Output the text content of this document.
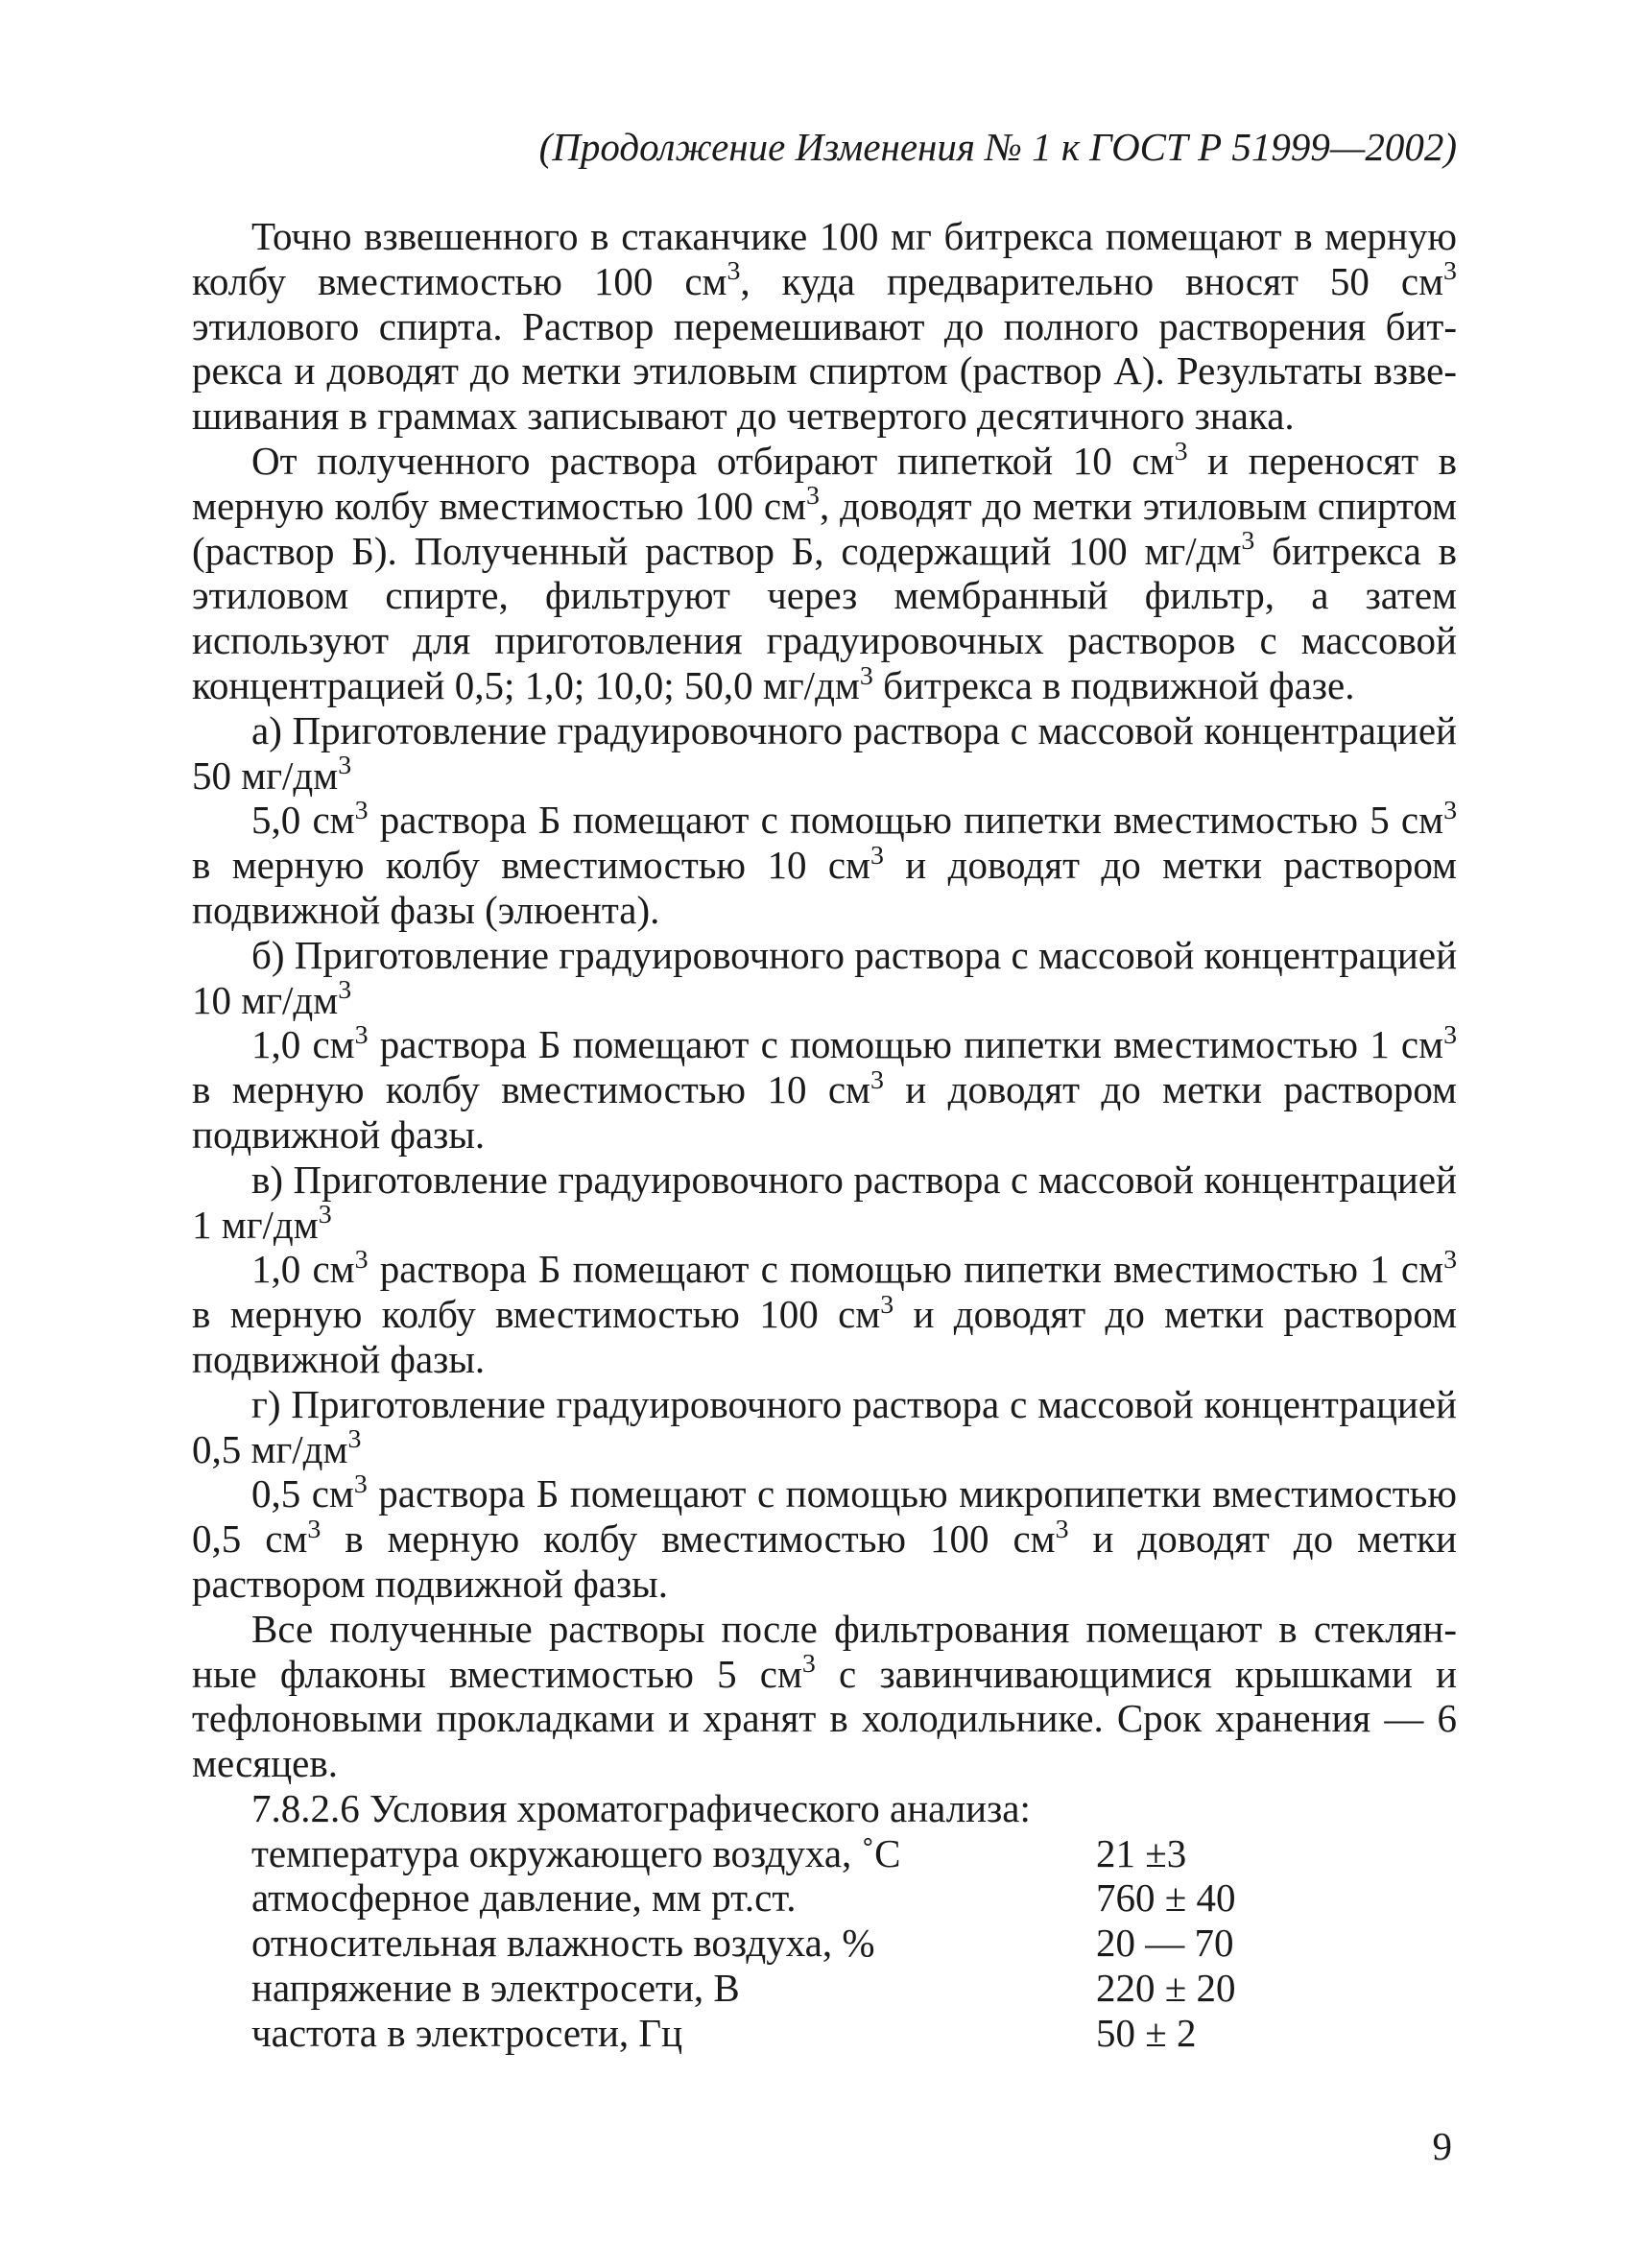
(Продолжение Изменения № 1 к ГОСТ Р 51999—2002)

Точно взвешенного в стаканчике 100 мг битрекса помещают в мерную колбу вместимостью 100 $см^3$, куда предварительно вносят 50 $см^3$ этилового спирта. Раствор перемешивают до полного растворения битрекса и доводят до метки этиловым спиртом (раствор А). Результаты взвешивания в граммах записывают до четвертого десятичного знака.

От полученного раствора отбирают пипеткой 10 $см^3$ и переносят в мерную колбу вместимостью 100 $см^3$, доводят до метки этиловым спиртом (раствор Б). Полученный раствор Б, содержащий 100 $мг/дм^3$ битрекса в этиловом спирте, фильтруют через мембранный фильтр, а затем используют для приготовления градуировочных растворов с массовой концентрацией 0,5; 1,0; 10,0; 50,0 $мг/дм^3$ битрекса в подвижной фазе.

а) Приготовление градуировочного раствора с массовой концентрацией 50 $мг/дм^3$

5,0 $см^3$ раствора Б помещают с помощью пипетки вместимостью 5 $см^3$ в мерную колбу вместимостью 10 $см^3$ и доводят до метки раствором подвижной фазы (элюента).

б) Приготовление градуировочного раствора с массовой концентрацией 10 $мг/дм^3$

1,0 $см^3$ раствора Б помещают с помощью пипетки вместимостью 1 $см^3$ в мерную колбу вместимостью 10 $см^3$ и доводят до метки раствором подвижной фазы.

в) Приготовление градуировочного раствора с массовой концентрацией 1 $мг/дм^3$

1,0 $см^3$ раствора Б помещают с помощью пипетки вместимостью 1 $см^3$ в мерную колбу вместимостью 100 $см^3$ и доводят до метки раствором подвижной фазы.

г) Приготовление градуировочного раствора с массовой концентрацией 0,5 $мг/дм^3$

0,5 $см^3$ раствора Б помещают с помощью микропипетки вместимостью 0,5 $см^3$ в мерную колбу вместимостью 100 $см^3$ и доводят до метки раствором подвижной фазы.

Все полученные растворы после фильтрования помещают в стеклянные флаконы вместимостью 5 $см^3$ с завинчивающимися крышками и тефлоновыми прокладками и хранят в холодильнике. Срок хранения — 6 месяцев.

7.8.2.6 Условия хроматографического анализа:

температура окружающего воздуха, ˚С	21 ±3
атмосферное давление, мм рт.ст.	760 ± 40
относительная влажность воздуха, %	20 — 70
напряжение в электросети, В	220 ± 20
частота в электросети, Гц	50 ± 2
9
